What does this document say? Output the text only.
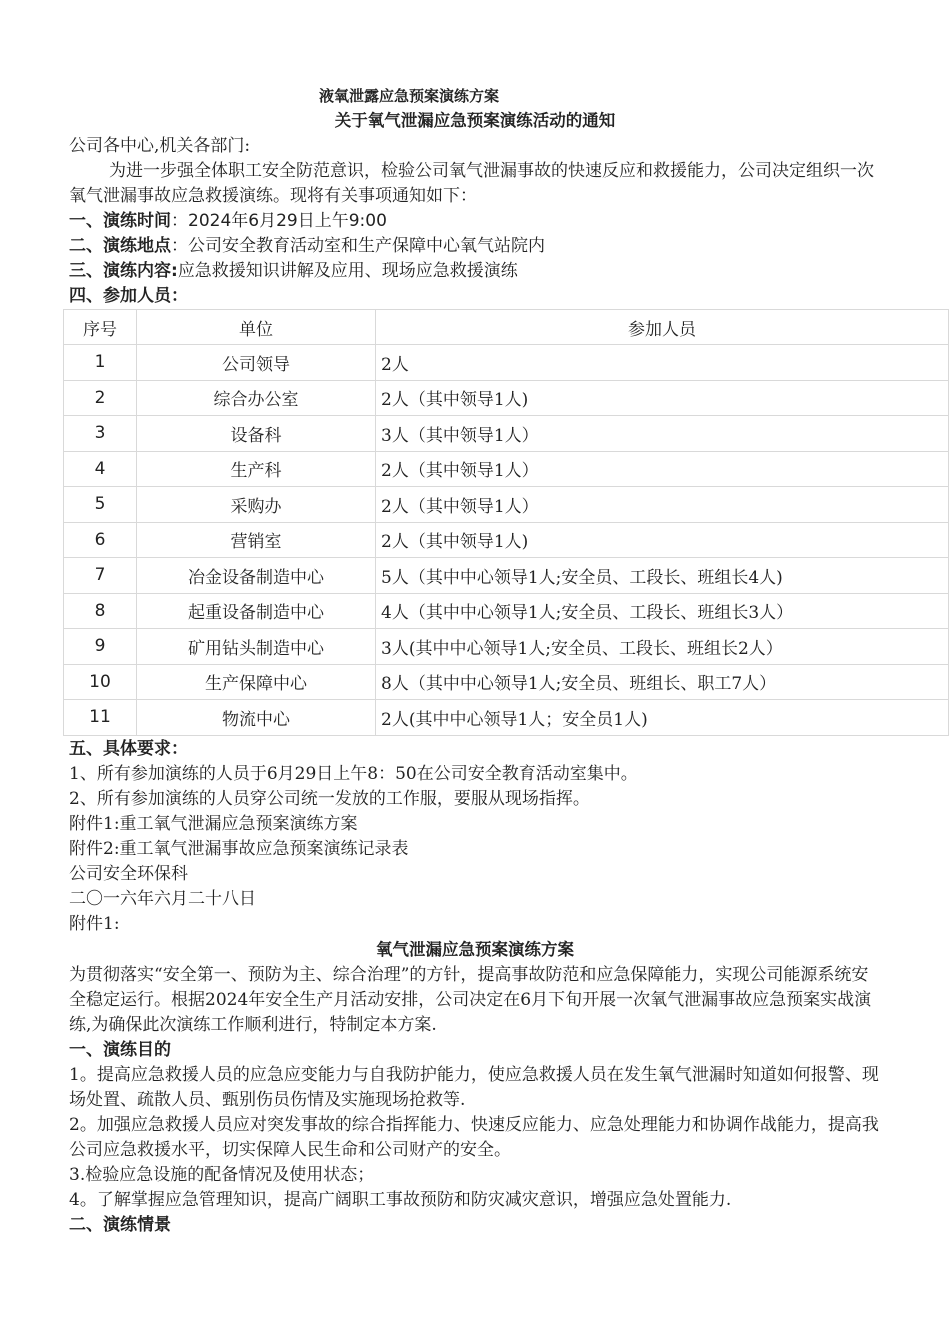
液氧泄露应急预案演练方案
关于氧气泄漏应急预案演练活动的通知

公司各中心,机关各部门:

为进一步强全体职工安全防范意识，检验公司氧气泄漏事故的快速反应和救援能力，公司决定组织一次氧气泄漏事故应急救援演练。现将有关事项通知如下：

一、演练时间：2024年6月29日上午9:00

二、演练地点：公司安全教育活动室和生产保障中心氧气站院内

三、演练内容:应急救援知识讲解及应用、现场应急救援演练

四、参加人员：

序号	单位	参加人员
1	公司领导	2人
2	综合办公室	2人（其中领导1人)
3	设备科	3人（其中领导1人）
4	生产科	2人（其中领导1人）
5	采购办	2人（其中领导1人）
6	营销室	2人（其中领导1人)
7	冶金设备制造中心	5人（其中中心领导1人;安全员、工段长、班组长4人)
8	起重设备制造中心	4人（其中中心领导1人;安全员、工段长、班组长3人）
9	矿用钻头制造中心	3人(其中中心领导1人;安全员、工段长、班组长2人）
10	生产保障中心	8人（其中中心领导1人;安全员、班组长、职工7人）
11	物流中心	2人(其中中心领导1人；安全员1人)

五、具体要求：

1、所有参加演练的人员于6月29日上午8：50在公司安全教育活动室集中。

2、所有参加演练的人员穿公司统一发放的工作服，要服从现场指挥。

附件1:重工氧气泄漏应急预案演练方案

附件2:重工氧气泄漏事故应急预案演练记录表

公司安全环保科

二〇一六年六月二十八日

附件1:

氧气泄漏应急预案演练方案

为贯彻落实“安全第一、预防为主、综合治理”的方针，提高事故防范和应急保障能力，实现公司能源系统安全稳定运行。根据2024年安全生产月活动安排，公司决定在6月下旬开展一次氧气泄漏事故应急预案实战演练,为确保此次演练工作顺利进行，特制定本方案.

一、演练目的

1。提高应急救援人员的应急应变能力与自我防护能力，使应急救援人员在发生氧气泄漏时知道如何报警、现场处置、疏散人员、甄别伤员伤情及实施现场抢救等.

2。加强应急救援人员应对突发事故的综合指挥能力、快速反应能力、应急处理能力和协调作战能力，提高我公司应急救援水平，切实保障人民生命和公司财产的安全。

3.检验应急设施的配备情况及使用状态；

4。了解掌握应急管理知识，提高广阔职工事故预防和防灾减灾意识，增强应急处置能力.

二、演练情景
